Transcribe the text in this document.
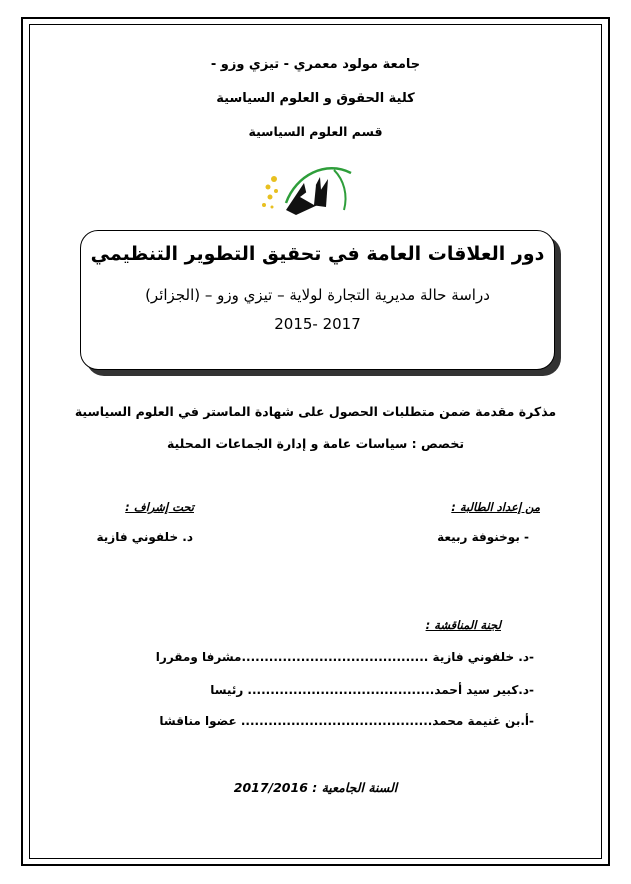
جامعة مولود معمري - تيزي وزو -
كلية الحقوق و العلوم السياسية
قسم العلوم السياسية
دور العلاقات العامة في تحقيق التطوير التنظيمي
دراسة حالة مديرية التجارة لولاية – تيزي وزو – (الجزائر)
2015- 2017
مذكرة مقدمة ضمن متطلبات الحصول على شهادة الماستر في العلوم السياسية
تخصص : سياسات عامة و إدارة الجماعات المحلية
من إعداد الطالبة :
تحت إشراف :
- بوخنوفة ربيعة
د. خلفوني فازية
لجنة المناقشة :
-د. خلفوني فازية .........................................مشرفا ومقررا
-د.كبير سيد أحمد......................................... رئيسا
-أ.بن غنيمة محمد.......................................... عضوا مناقشا
السنة الجامعية : 2017/2016
